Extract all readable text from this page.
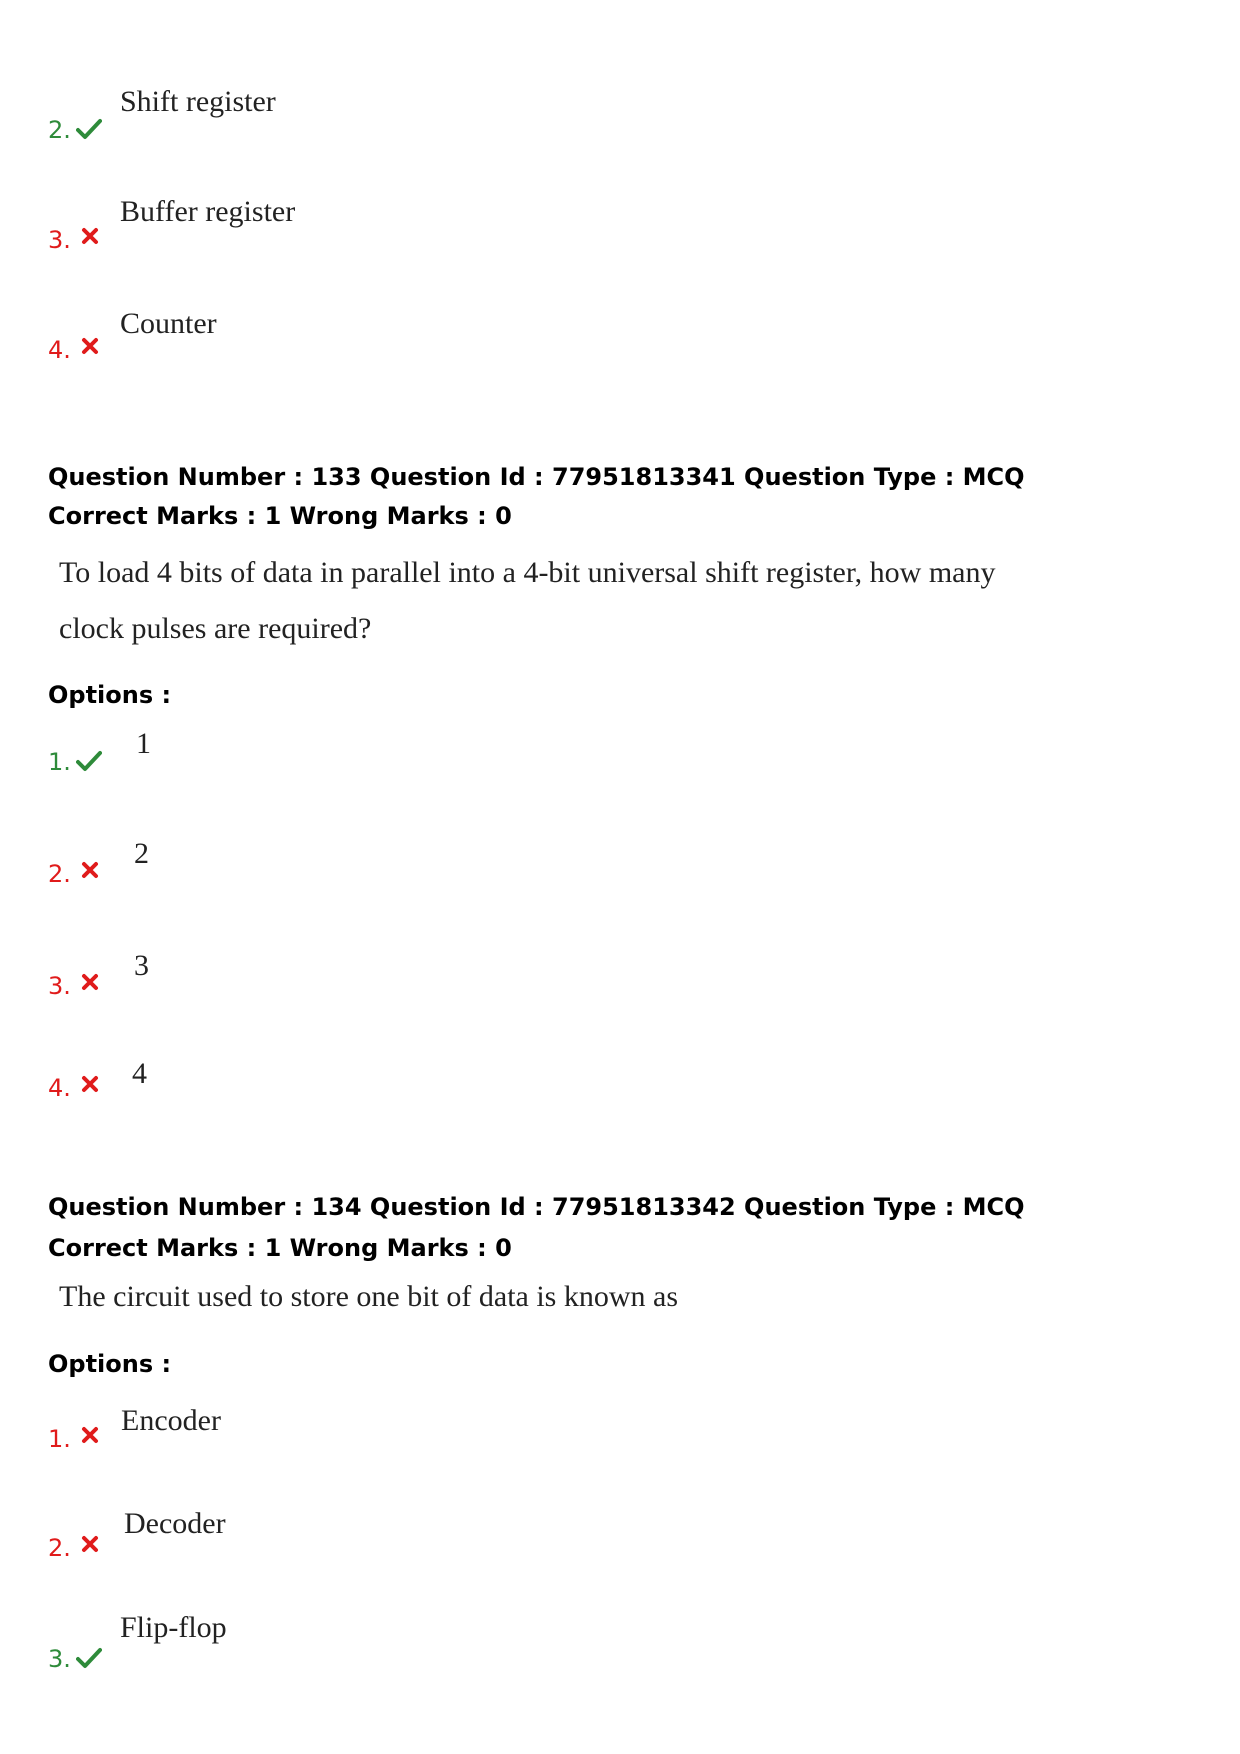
2.
Shift register
3.
Buffer register
4.
Counter
Question Number : 133 Question Id : 77951813341 Question Type : MCQ
Correct Marks : 1 Wrong Marks : 0
To load 4 bits of data in parallel into a 4-bit universal shift register, how many
clock pulses are required?
Options :
1.
1
2.
2
3.
3
4. 4
Question Number : 134 Question Id : 77951813342 Question Type : MCQ
Correct Marks : 1 Wrong Marks : 0
The circuit used to store one bit of data is known as
Options :
1.
Encoder
2.
Decoder
3.
Flip-flop
